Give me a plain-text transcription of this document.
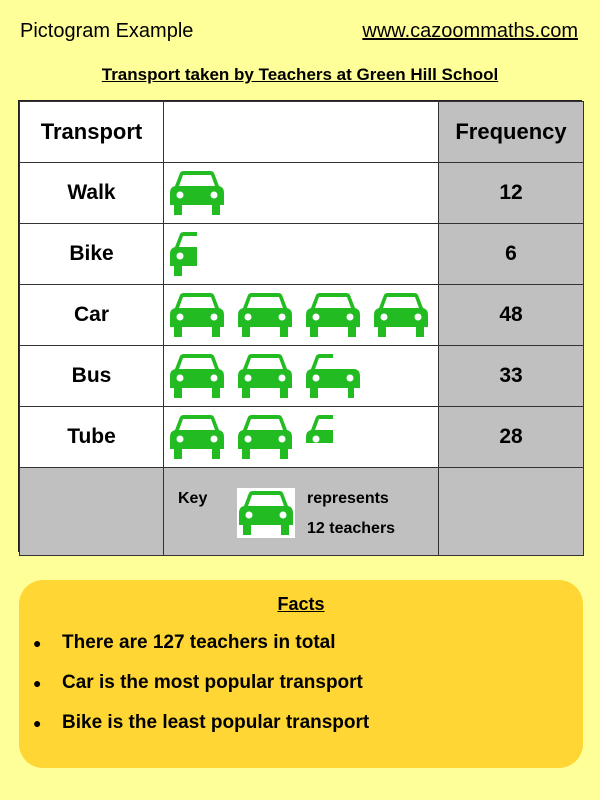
Pictogram Example	www.cazoommaths.com
Transport taken by Teachers at Green Hill School
Transport		Frequency
Walk		12
Bike		6
Car		48
Bus		33
Tube		28

	Key represents
12 teachers	

Facts
● There are 127 teachers in total
● Car is the most popular transport
● Bike is the least popular transport
